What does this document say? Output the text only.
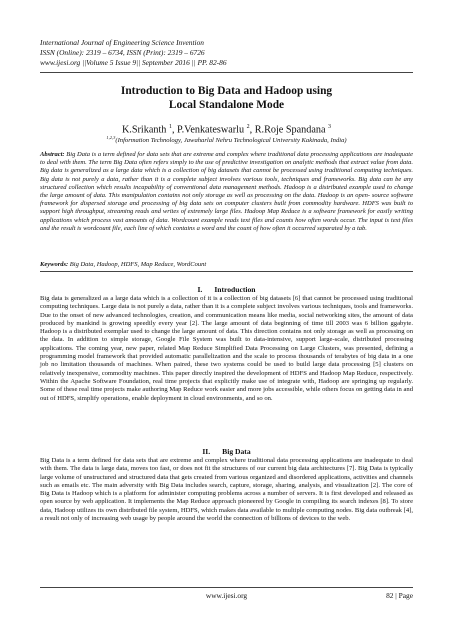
International Journal of Engineering Science Invention
ISSN (Online): 2319 – 6734, ISSN (Print): 2319 – 6726
www.ijesi.org ||Volume 5 Issue 9|| September 2016 || PP. 82-86
Introduction to Big Data and Hadoop using
Local Standalone Mode
K.Srikanth $^1$, P.Venkateswarlu $^2$, R.Roje Spandana $^3$
$^{1,2,3}$(Information Technology, Jawaharlal Nehru Technological University Kakinada, India)
Abstract: Big Data is a term defined for data sets that are extreme and complex where traditional data processing applications are inadequate to deal with them. The term Big Data often refers simply to the use of predictive investigation on analytic methods that extract value from data. Big data is generalized as a large data which is a collection of big datasets that cannot be processed using traditional computing techniques. Big data is not purely a data, rather than it is a complete subject involves various tools, techniques and frameworks. Big data can be any structured collection which results incapability of conventional data management methods. Hadoop is a distributed example used to change the large amount of data. This manipulation contains not only storage as well as processing on the data. Hadoop is an open- source software framework for dispersed storage and processing of big data sets on computer clusters built from commodity hardware. HDFS was built to support high throughput, streaming reads and writes of extremely large files. Hadoop Map Reduce is a software framework for easily writing applications which process vast amounts of data. Wordcount example reads text files and counts how often words occur. The input is text files and the result is wordcount file, each line of which contains a word and the count of how often it occurred separated by a tab.
Keywords: Big Data, Hadoop, HDFS, Map Reduce, WordCount
I. Introduction
Big data is generalized as a large data which is a collection of it is a collection of big datasets [6] that cannot be processed using traditional computing techniques. Large data is not purely a data, rather than it is a complete subject involves various techniques, tools and frameworks. Due to the onset of new advanced technologies, creation, and communication means like media, social networking sites, the amount of data produced by mankind is growing speedily every year [2]. The large amount of data beginning of time till 2003 was 6 billion ggabyte. Hadoop is a distributed exemplar used to change the large amount of data. This direction contains not only storage as well as processing on the data. In addition to simple storage, Google File System was built to data-intensive, support large-scale, distributed processing applications. The coming year, new paper, related Map Reduce Simplified Data Processing on Large Clusters, was presented, defining a programming model framework that provided automatic parallelization and the scale to process thousands of terabytes of big data in a one job no limitation thousands of machines. When paired, these two systems could be used to build large data processing [5] clusters on relatively inexpensive, commodity machines. This paper directly inspired the development of HDFS and Hadoop Map Reduce, respectively. Within the Apache Software Foundation, real time projects that explicitly make use of integrate with, Hadoop are springing up regularly. Some of these real time projects make authoring Map Reduce work easier and more jobs accessible, while others focus on getting data in and out of HDFS, simplify operations, enable deployment in cloud environments, and so on.
II. Big Data
Big Data is a term defined for data sets that are extreme and complex where traditional data processing applications are inadequate to deal with them. The data is large data, moves too fast, or does not fit the structures of our current big data architectures [7]. Big Data is typically large volume of unstructured and structured data that gets created from various organized and disordered applications, activities and channels such as emails etc. The main adversity with Big Data includes search, capture, storage, sharing, analysis, and visualization [2]. The core of Big Data is Hadoop which is a platform for administer computing problems across a number of servers. It is first developed and released as open source by web application. It implements the Map Reduce approach pioneered by Google in compiling its search indexes [8]. To store data, Hadoop utilizes its own distributed file system, HDFS, which makes data available to multiple computing nodes. Big data outbreak [4], a result not only of increasing web usage by people around the world the connection of billions of devices to the web.
www.ijesi.org	82 | Page
